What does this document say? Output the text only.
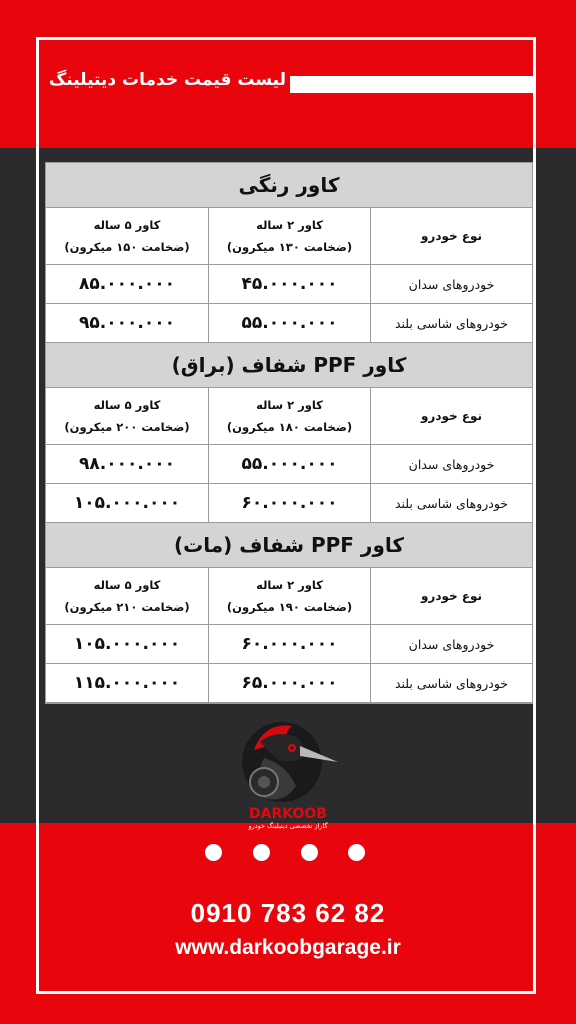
لیست قیمت خدمات دیتیلینگ
کاور رنگی
نوع خودرو
کاور ۲ ساله
(ضخامت ۱۳۰ میکرون)
کاور ۵ ساله
(ضخامت ۱۵۰ میکرون)
خودروهای سدان
۴۵.۰۰۰.۰۰۰
۸۵.۰۰۰.۰۰۰
خودروهای شاسی بلند
۵۵.۰۰۰.۰۰۰
۹۵.۰۰۰.۰۰۰
کاور PPF شفاف (براق)
نوع خودرو
کاور ۲ ساله
(ضخامت ۱۸۰ میکرون)
کاور ۵ ساله
(ضخامت ۲۰۰ میکرون)
خودروهای سدان
۵۵.۰۰۰.۰۰۰
۹۸.۰۰۰.۰۰۰
خودروهای شاسی بلند
۶۰.۰۰۰.۰۰۰
۱۰۵.۰۰۰.۰۰۰
کاور PPF شفاف (مات)
نوع خودرو
کاور ۲ ساله
(ضخامت ۱۹۰ میکرون)
کاور ۵ ساله
(ضخامت ۲۱۰ میکرون)
خودروهای سدان
۶۰.۰۰۰.۰۰۰
۱۰۵.۰۰۰.۰۰۰
خودروهای شاسی بلند
۶۵.۰۰۰.۰۰۰
۱۱۵.۰۰۰.۰۰۰
DARKOOB
گاراژ تخصصی دیتیلینگ خودرو
0910 783 62 82
www.darkoobgarage.ir
